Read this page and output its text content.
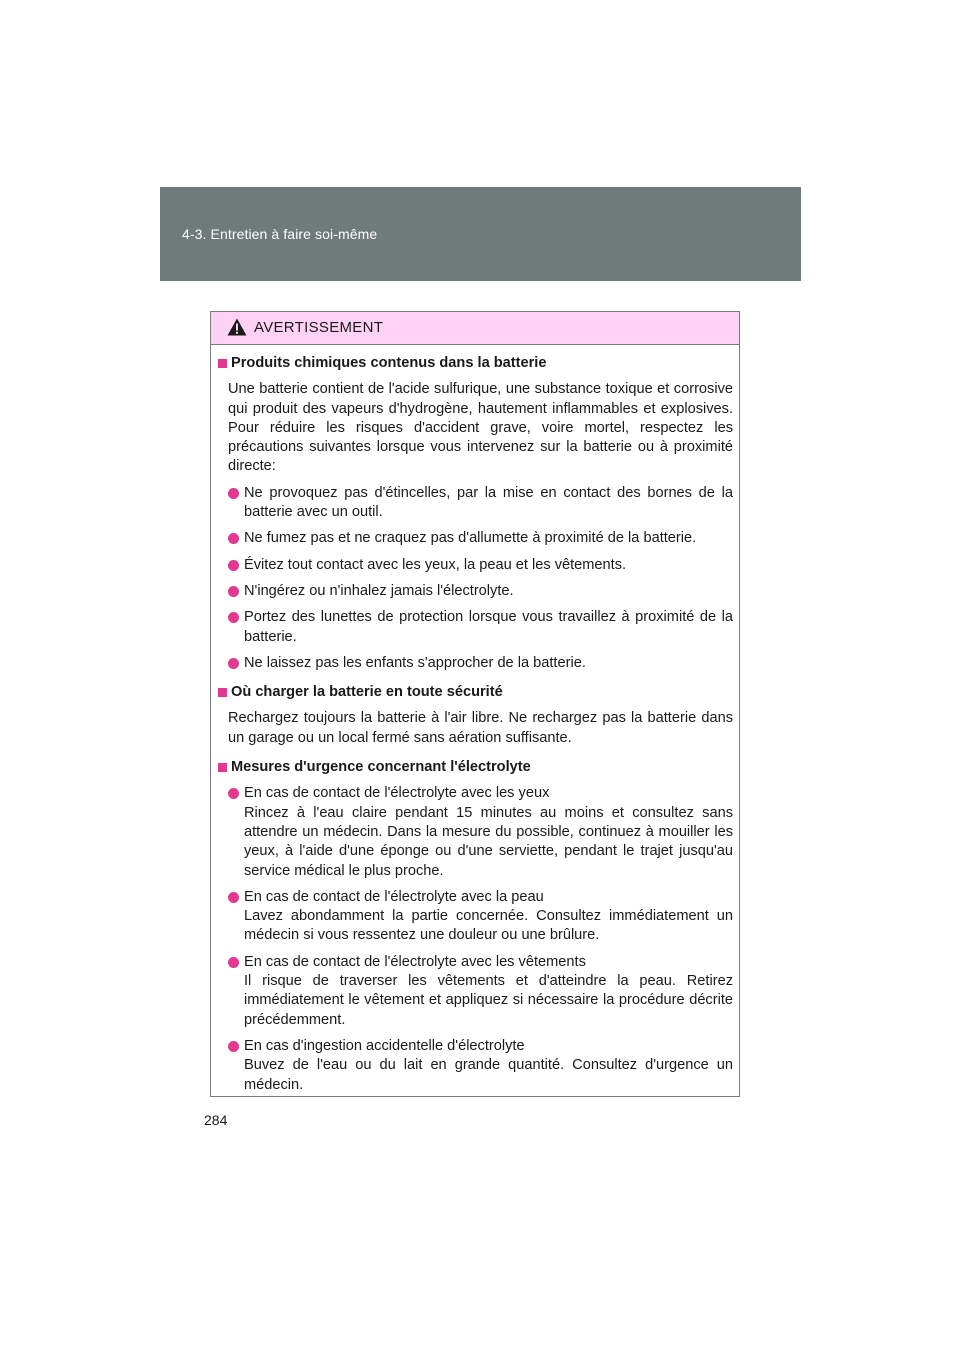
4-3. Entretien à faire soi-même
AVERTISSEMENT
Produits chimiques contenus dans la batterie
Une batterie contient de l'acide sulfurique, une substance toxique et corrosive qui produit des vapeurs d'hydrogène, hautement inflammables et explosives. Pour réduire les risques d'accident grave, voire mortel, respectez les précautions suivantes lorsque vous intervenez sur la batterie ou à proximité directe:
Ne provoquez pas d'étincelles, par la mise en contact des bornes de la batterie avec un outil.
Ne fumez pas et ne craquez pas d'allumette à proximité de la batterie.
Évitez tout contact avec les yeux, la peau et les vêtements.
N'ingérez ou n'inhalez jamais l'électrolyte.
Portez des lunettes de protection lorsque vous travaillez à proximité de la batterie.
Ne laissez pas les enfants s'approcher de la batterie.
Où charger la batterie en toute sécurité
Rechargez toujours la batterie à l'air libre. Ne rechargez pas la batterie dans un garage ou un local fermé sans aération suffisante.
Mesures d'urgence concernant l'électrolyte
En cas de contact de l'électrolyte avec les yeux
Rincez à l'eau claire pendant 15 minutes au moins et consultez sans attendre un médecin. Dans la mesure du possible, continuez à mouiller les yeux, à l'aide d'une éponge ou d'une serviette, pendant le trajet jusqu'au service médical le plus proche.
En cas de contact de l'électrolyte avec la peau
Lavez abondamment la partie concernée. Consultez immédiatement un médecin si vous ressentez une douleur ou une brûlure.
En cas de contact de l'électrolyte avec les vêtements
Il risque de traverser les vêtements et d'atteindre la peau. Retirez immédiatement le vêtement et appliquez si nécessaire la procédure décrite précédemment.
En cas d'ingestion accidentelle d'électrolyte
Buvez de l'eau ou du lait en grande quantité. Consultez d'urgence un médecin.
284
